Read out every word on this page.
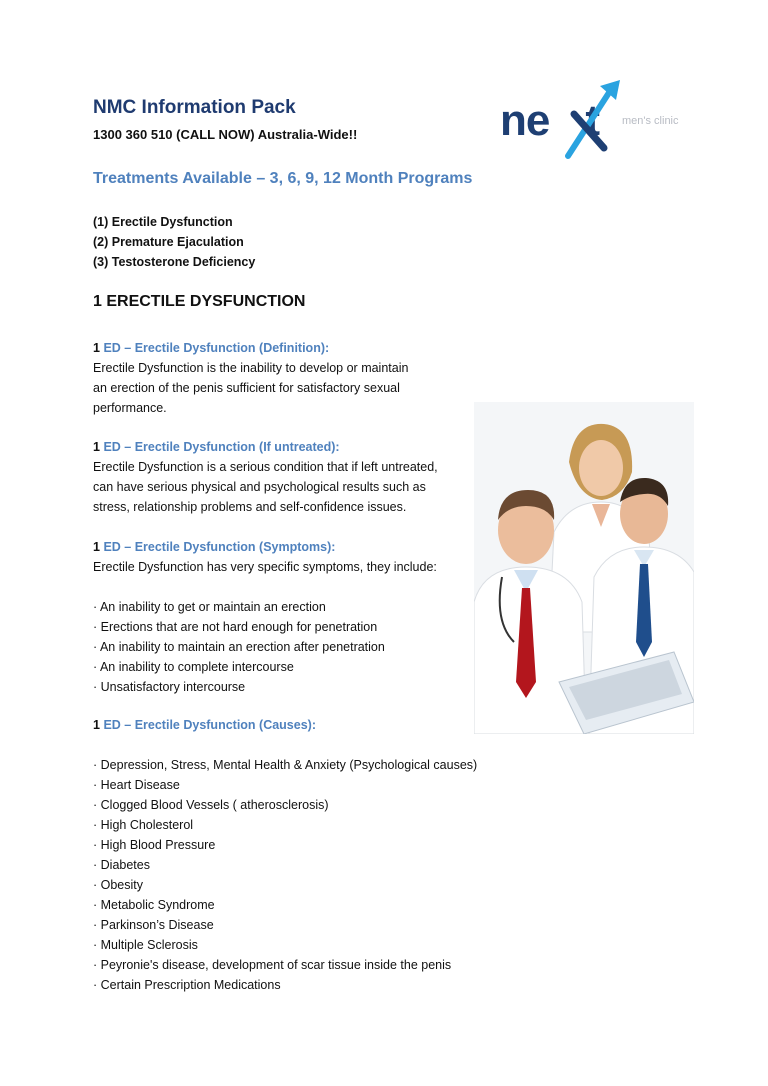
NMC Information Pack
1300 360 510 (CALL NOW) Australia-Wide!!
Treatments Available – 3, 6, 9, 12 Month Programs
ne t men's clinic
(1) Erectile Dysfunction
(2) Premature Ejaculation
(3) Testosterone Deficiency
1 ERECTILE DYSFUNCTION
1 ED – Erectile Dysfunction (Definition):

Erectile Dysfunction is the inability to develop or maintain

an erection of the penis sufficient for satisfactory sexual

performance.

1 ED – Erectile Dysfunction (If untreated):

Erectile Dysfunction is a serious condition that if left untreated,

can have serious physical and psychological results such as

stress, relationship problems and self-confidence issues.

1 ED – Erectile Dysfunction (Symptoms):

Erectile Dysfunction has very specific symptoms, they include:

· An inability to get or maintain an erection
· Erections that are not hard enough for penetration
· An inability to maintain an erection after penetration
· An inability to complete intercourse
· Unsatisfactory intercourse
1 ED – Erectile Dysfunction (Causes):
· Depression, Stress, Mental Health & Anxiety (Psychological causes)
· Heart Disease
· Clogged Blood Vessels ( atherosclerosis)
· High Cholesterol
· High Blood Pressure
· Diabetes
· Obesity
· Metabolic Syndrome
· Parkinson’s Disease
· Multiple Sclerosis
· Peyronie's disease, development of scar tissue inside the penis
· Certain Prescription Medications
